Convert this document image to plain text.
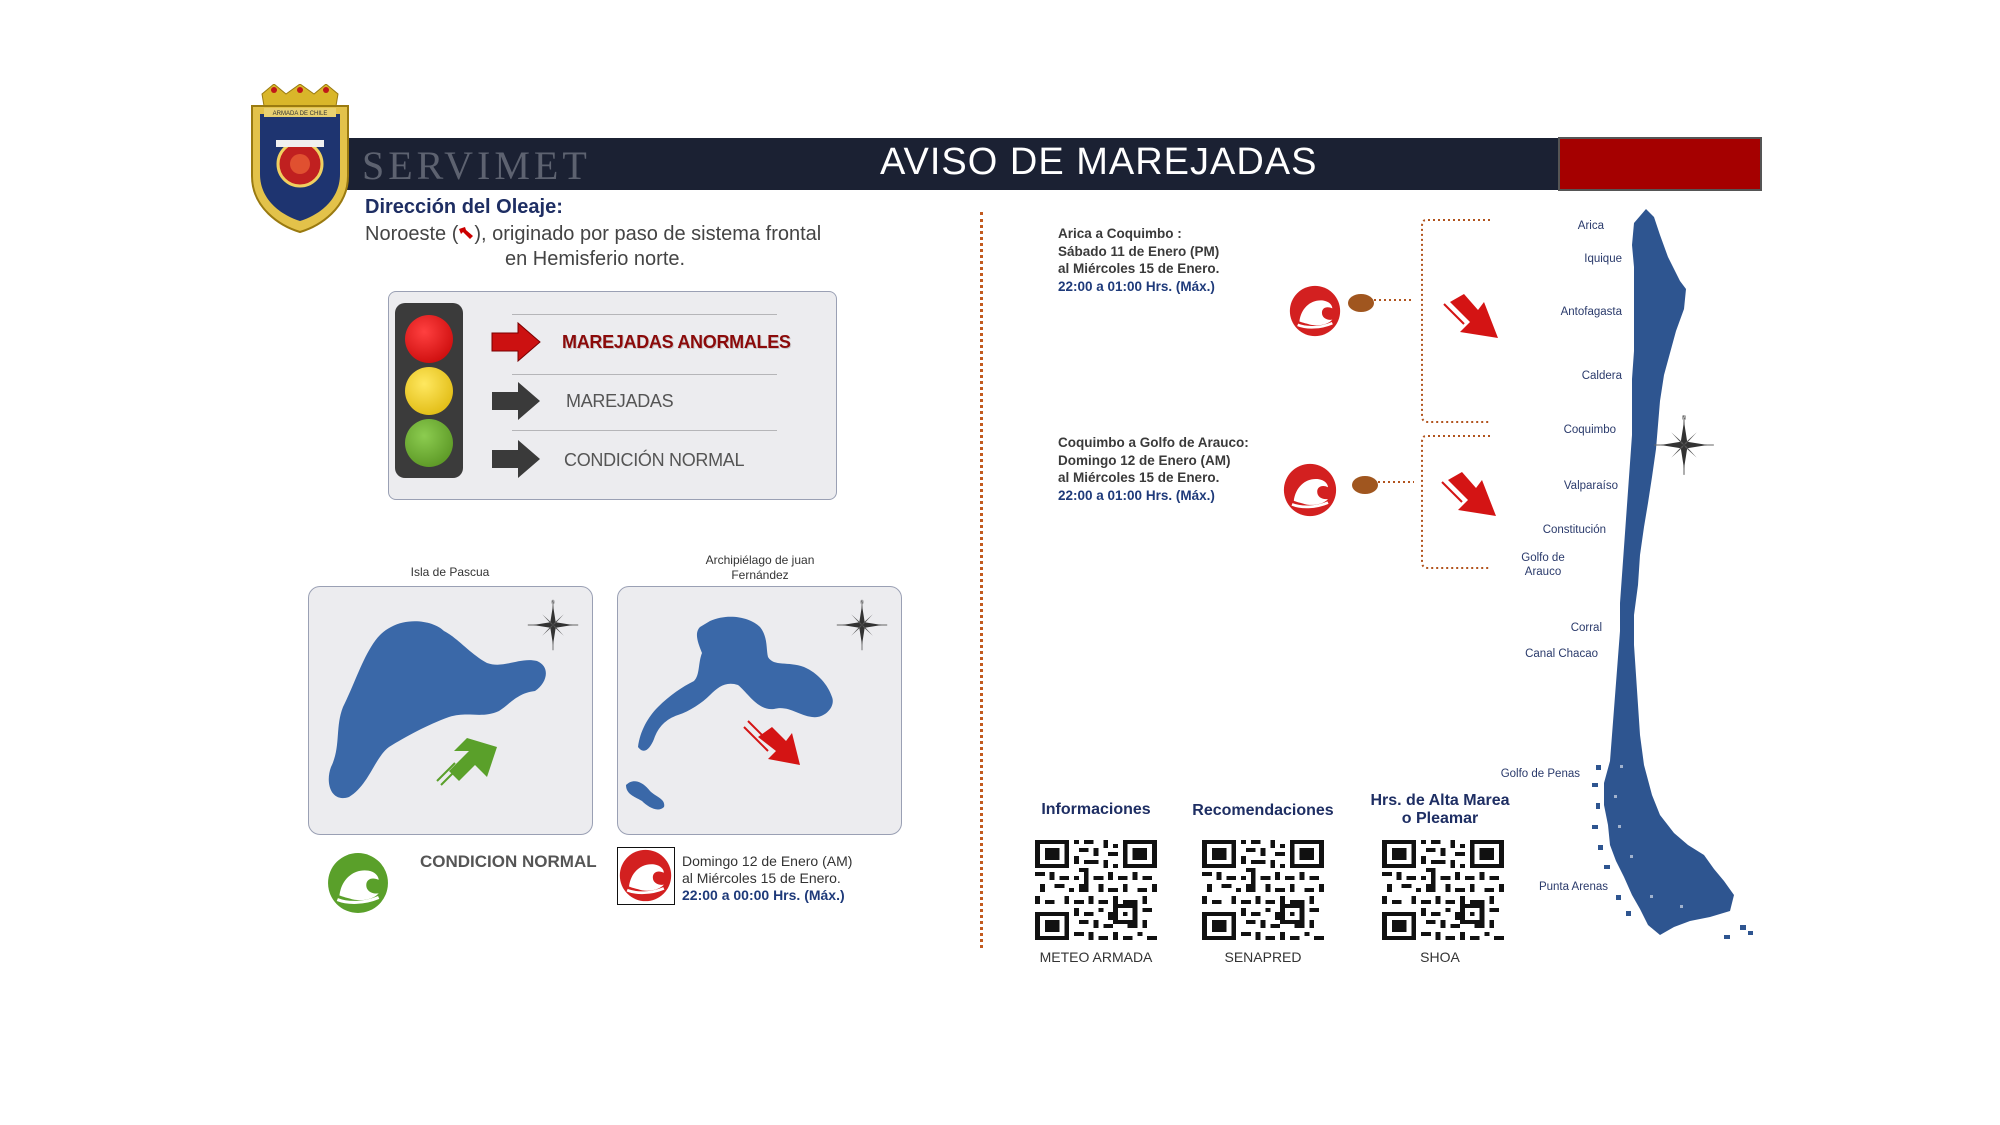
SERVIMET	AVISO DE MAREJADAS ANORMALES
ARMADA DE CHILE
Dirección del Oleaje:
Noroeste ( ), originado por paso de sistema frontal
en Hemisferio norte.
MAREJADAS ANORMALES
MAREJADAS
CONDICIÓN NORMAL
Isla de Pascua
Archipiélago de juan
Fernández
CONDICION NORMAL	Domingo 12 de Enero (AM)
al Miércoles 15 de Enero.
22:00 a 00:00 Hrs. (Máx.)
Arica a Coquimbo :
Sábado 11 de Enero (PM)
al Miércoles 15 de Enero.
22:00 a 01:00 Hrs. (Máx.)
Coquimbo a Golfo de Arauco:
Domingo 12 de Enero (AM)
al Miércoles 15 de Enero.
22:00 a 01:00 Hrs. (Máx.)
Arica
Iquique
Antofagasta
Caldera
Coquimbo
Valparaíso
Constitución
Golfo de
Arauco
Corral
Canal Chacao
Golfo de Penas
Punta Arenas
Informaciones	Recomendaciones
Hrs. de Alta Marea
o Pleamar
METEO ARMADA	SENAPRED	SHOA
